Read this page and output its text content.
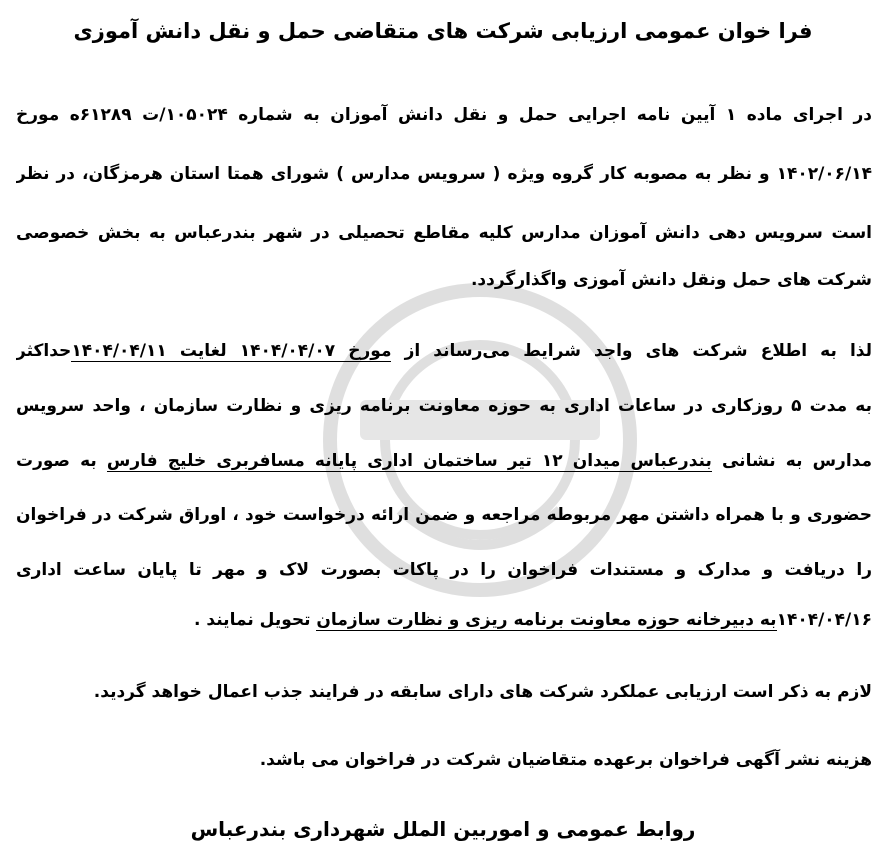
فرا خوان عمومی ارزیابی شرکت های متقاضی حمل و نقل دانش آموزی
در اجرای ماده ۱ آیین نامه اجرایی حمل و نقل دانش آموزان به شماره ۱۰۵۰۲۴/ت ۶۱۲۸۹ه مورخ
۱۴۰۲/۰۶/۱۴ و نظر به مصوبه کار گروه ویژه ( سرویس مدارس ) شورای همتا استان هرمزگان، در نظر
است سرویس دهی دانش آموزان مدارس کلیه مقاطع تحصیلی در شهر بندرعباس به بخش خصوصی
شرکت های حمل ونقل دانش آموزی واگذارگردد.
لذا به اطلاع شرکت های واجد شرایط می‌رساند از مورخ ۱۴۰۴/۰۴/۰۷ لغایت ۱۴۰۴/۰۴/۱۱حداکثر
به مدت ۵ روزکاری در ساعات اداری به حوزه معاونت برنامه ریزی و نظارت سازمان ، واحد سرویس
مدارس به نشانی بندرعباس میدان ۱۲ تیر ساختمان اداری پایانه مسافربری خلیج فارس به صورت
حضوری و با همراه داشتن مهر مربوطه مراجعه و ضمن ارائه درخواست خود ، اوراق شرکت در فراخوان
را دریافت و مدارک و مستندات فراخوان را در پاکات بصورت لاک و مهر تا پایان ساعت اداری
۱۴۰۴/۰۴/۱۶به دبیرخانه حوزه معاونت برنامه ریزی و نظارت سازمان تحویل نمایند .
لازم به ذکر است ارزیابی عملکرد شرکت های دارای سابقه در فرایند جذب اعمال خواهد گردید.
هزینه نشر آگهی فراخوان برعهده متقاضیان شرکت در فراخوان می باشد.
روابط عمومی و اموربین الملل شهرداری بندرعباس
